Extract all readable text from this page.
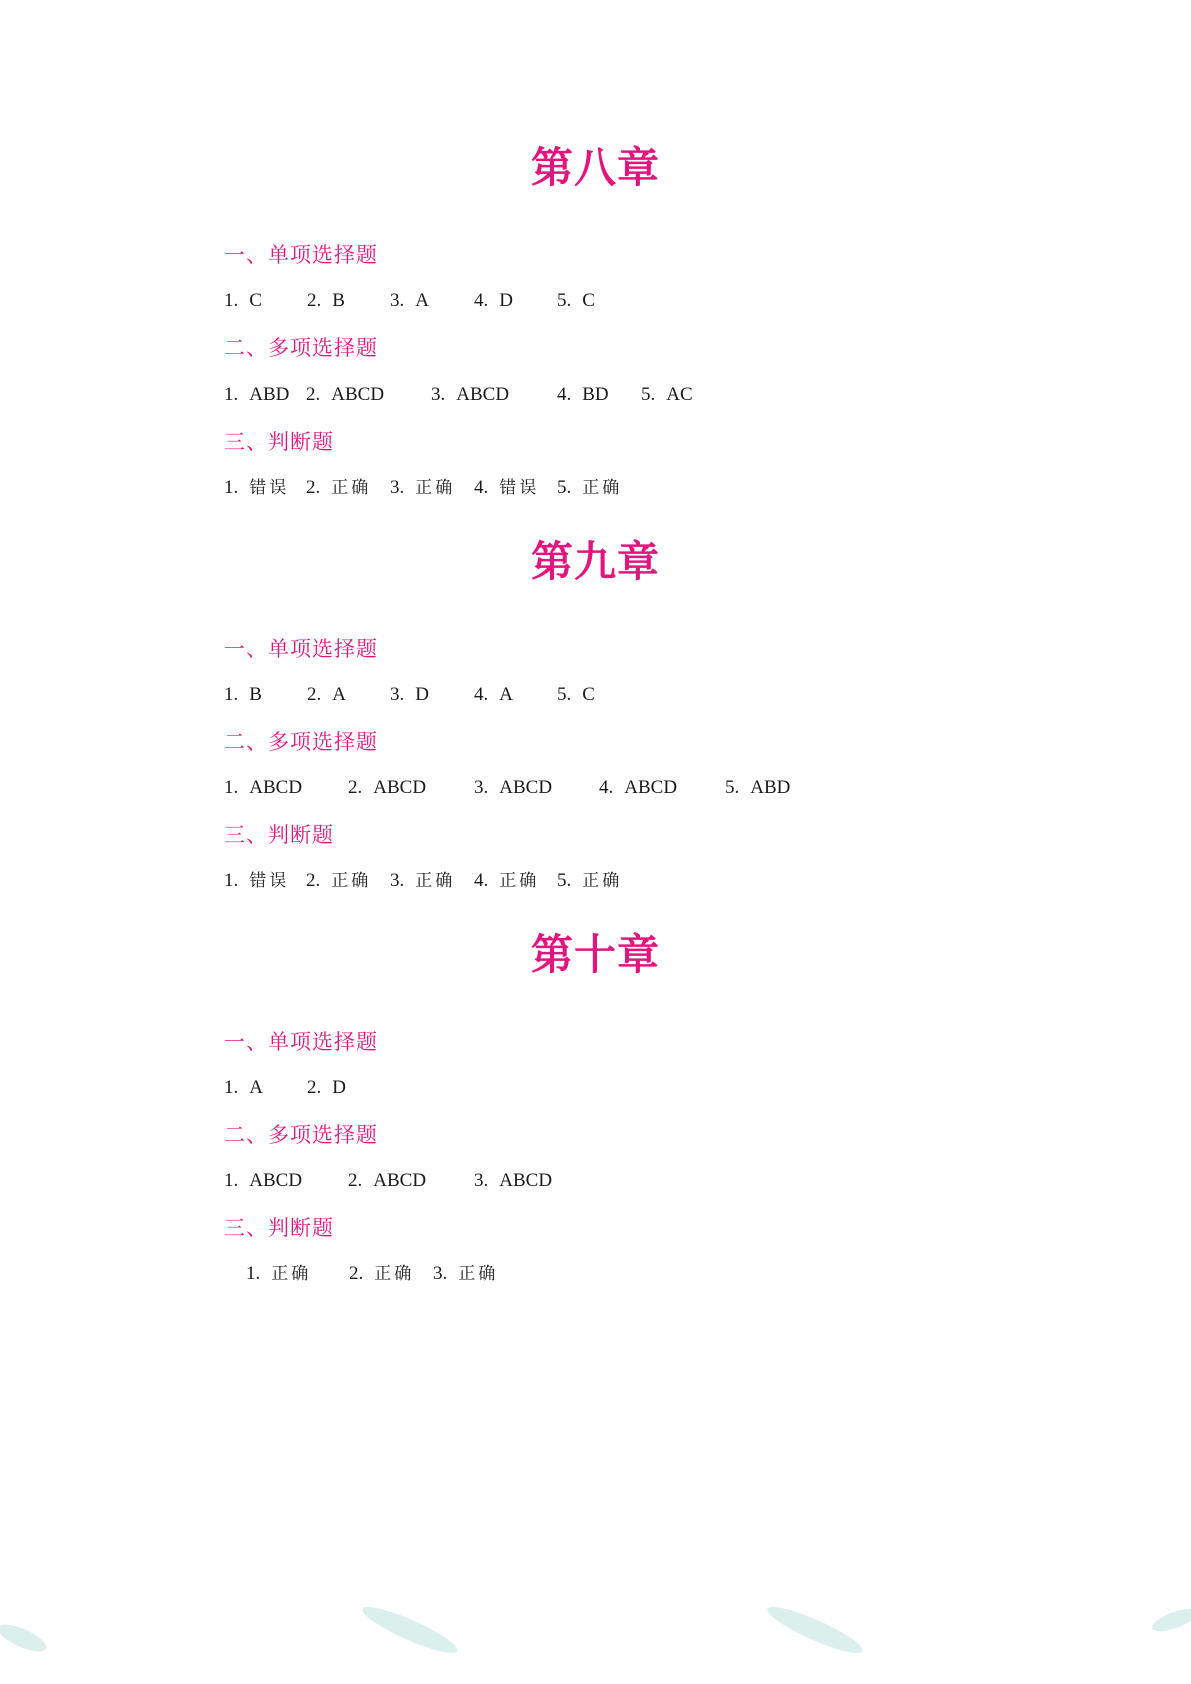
第八章
一、单项选择题
1. C 2. B 3. A 4. D 5. C
二、多项选择题
1. ABD 2. ABCD 3. ABCD	4. BD 5. AC
三、判断题
1. 错误 2. 正确 3. 正确 4. 错误 5. 正确
第九章
一、单项选择题
1. B 2. A 3. D 4. A 5. C
二、多项选择题
1. ABCD 2. ABCD	3. ABCD 4. ABCD	5. ABD
三、判断题
1. 错误 2. 正确 3. 正确 4. 正确 5. 正确
第十章
一、单项选择题
1. A 2. D
二、多项选择题
1. ABCD 2. ABCD	3. ABCD
三、判断题
1. 正确 2. 正确 3. 正确
